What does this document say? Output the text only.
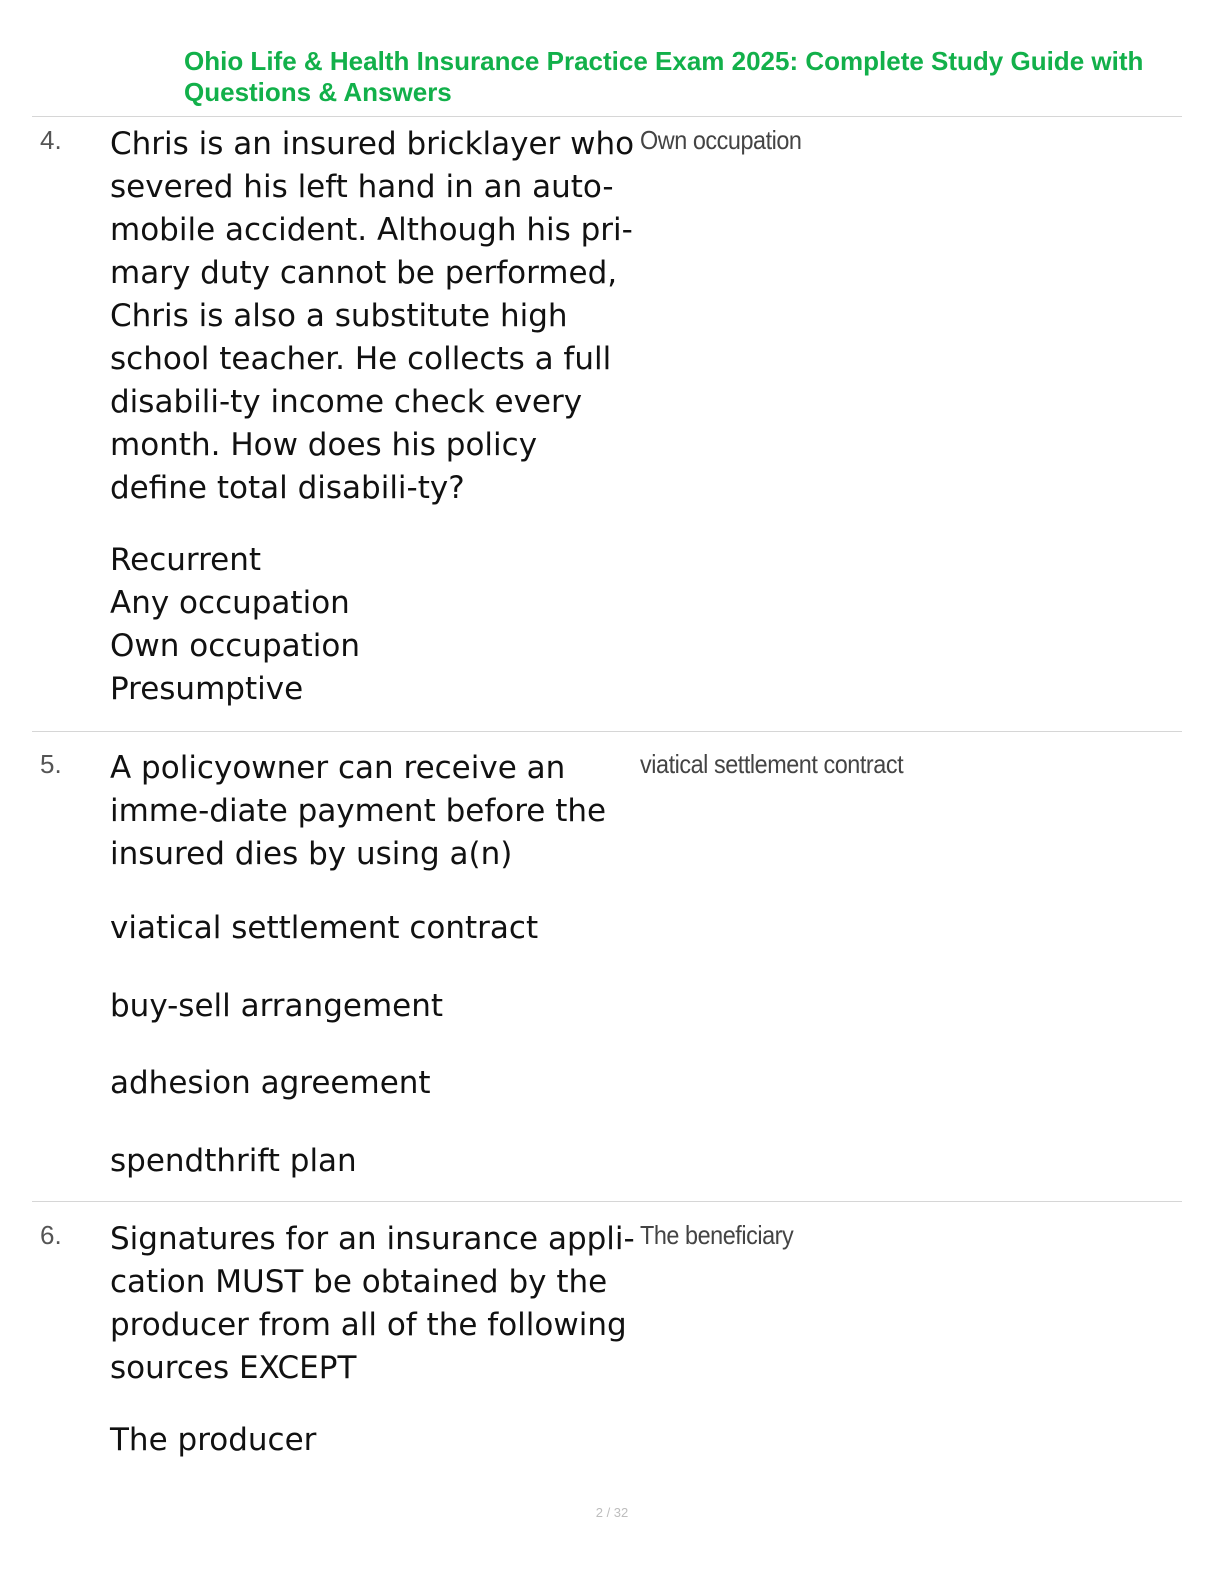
Ohio Life & Health Insurance Practice Exam 2025: Complete Study Guide with Questions & Answers
4. Chris is an insured bricklayer who severed his left hand in an auto-mobile accident. Although his pri-mary duty cannot be performed, Chris is also a substitute high school teacher. He collects a full disabili-ty income check every month. How does his policy define total disabili-ty?
Recurrent
Any occupation
Own occupation
Presumptive
Own occupation
5. A policyowner can receive an imme-diate payment before the insured dies by using a(n)
viatical settlement contract
buy-sell arrangement
adhesion agreement
spendthrift plan
viatical settlement contract
6. Signatures for an insurance appli-cation MUST be obtained by the producer from all of the following sources EXCEPT
The producer
The beneficiary
2 / 32
